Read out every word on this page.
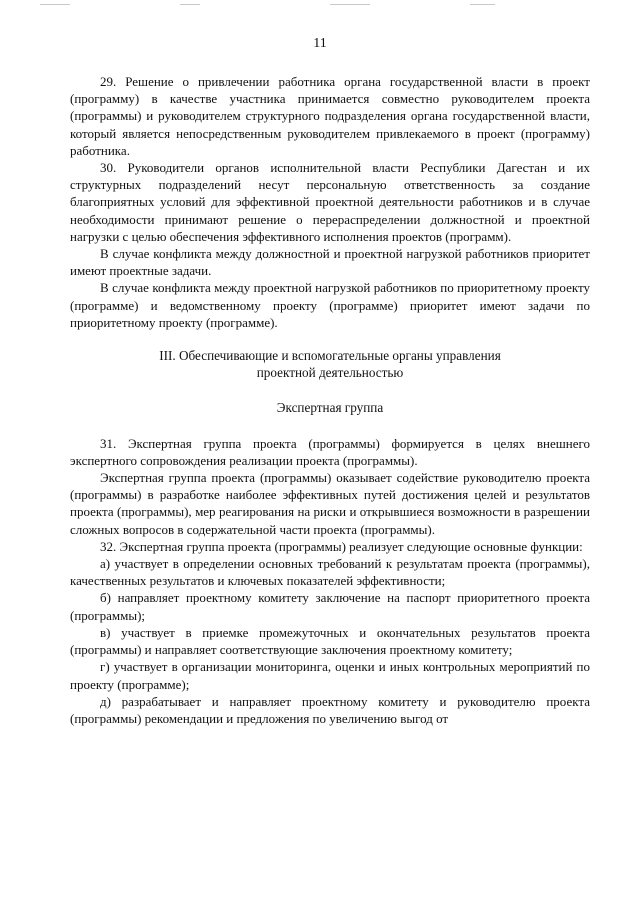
11

29. Решение о привлечении работника органа государственной власти в проект (программу) в качестве участника принимается совместно руководителем проекта (программы) и руководителем структурного подразделения органа государственной власти, который является непосредственным руководителем привлекаемого в проект (программу) работника.

30. Руководители органов исполнительной власти Республики Дагестан и их структурных подразделений несут персональную ответственность за создание благоприятных условий для эффективной проектной деятельности работников и в случае необходимости принимают решение о перераспределении должностной и проектной нагрузки с целью обеспечения эффективного исполнения проектов (программ).

В случае конфликта между должностной и проектной нагрузкой работников приоритет имеют проектные задачи.

В случае конфликта между проектной нагрузкой работников по приоритетному проекту (программе) и ведомственному проекту (программе) приоритет имеют задачи по приоритетному проекту (программе).

III. Обеспечивающие и вспомогательные органы управления
проектной деятельностью
Экспертная группа

31. Экспертная группа проекта (программы) формируется в целях внешнего экспертного сопровождения реализации проекта (программы).

Экспертная группа проекта (программы) оказывает содействие руководителю проекта (программы) в разработке наиболее эффективных путей достижения целей и результатов проекта (программы), мер реагирования на риски и открывшиеся возможности в разрешении сложных вопросов в содержательной части проекта (программы).

32. Экспертная группа проекта (программы) реализует следующие основные функции:

а) участвует в определении основных требований к результатам проекта (программы), качественных результатов и ключевых показателей эффективности;

б) направляет проектному комитету заключение на паспорт приоритетного проекта (программы);

в) участвует в приемке промежуточных и окончательных результатов проекта (программы) и направляет соответствующие заключения проектному комитету;

г) участвует в организации мониторинга, оценки и иных контрольных мероприятий по проекту (программе);

д) разрабатывает и направляет проектному комитету и руководителю проекта (программы) рекомендации и предложения по увеличению выгод от
